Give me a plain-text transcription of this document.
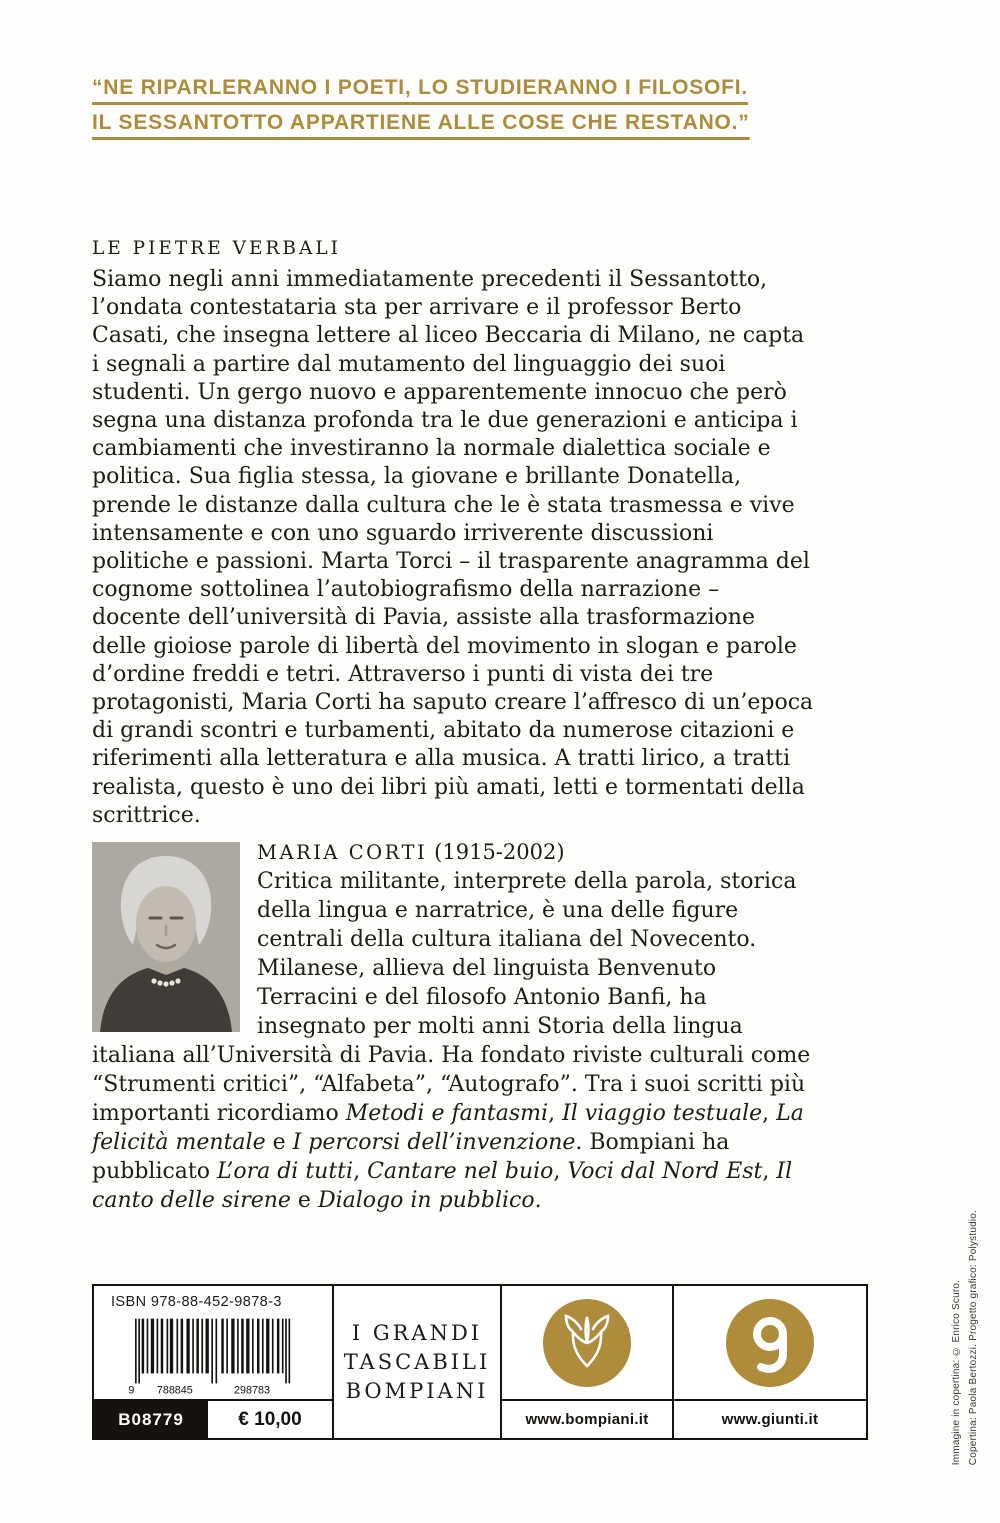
“NE RIPARLERANNO I POETI, LO STUDIERANNO I FILOSOFI.
IL SESSANTOTTO APPARTIENE ALLE COSE CHE RESTANO.”
LE PIETRE VERBALI

Siamo negli anni immediatamente precedenti il Sessantotto, l’ondata contestataria sta per arrivare e il professor Berto Casati, che insegna lettere al liceo Beccaria di Milano, ne capta i segnali a partire dal mutamento del linguaggio dei suoi studenti. Un gergo nuovo e apparentemente innocuo che però segna una distanza profonda tra le due generazioni e anticipa i cambiamenti che investiranno la normale dialettica sociale e politica. Sua figlia stessa, la giovane e brillante Donatella, prende le distanze dalla cultura che le è stata trasmessa e vive intensamente e con uno sguardo irriverente discussioni politiche e passioni. Marta Torci – il trasparente anagramma del cognome sottolinea l’autobiografismo della narrazione – docente dell’università di Pavia, assiste alla trasformazione delle gioiose parole di libertà del movimento in slogan e parole d’ordine freddi e tetri. Attraverso i punti di vista dei tre protagonisti, Maria Corti ha saputo creare l’affresco di un’epoca di grandi scontri e turbamenti, abitato da numerose citazioni e riferimenti alla letteratura e alla musica. A tratti lirico, a tratti realista, questo è uno dei libri più amati, letti e tormentati della scrittrice.

MARIA CORTI (1915-2002)
Critica militante, interprete della parola, storica della lingua e narratrice, è una delle figure centrali della cultura italiana del Novecento. Milanese, allieva del linguista Benvenuto Terracini e del filosofo Antonio Banfi, ha insegnato per molti anni Storia della lingua italiana all’Università di Pavia. Ha fondato riviste culturali come “Strumenti critici”, “Alfabeta”, “Autografo”. Tra i suoi scritti più importanti ricordiamo Metodi e fantasmi, Il viaggio testuale, La felicità mentale e I percorsi dell’invenzione. Bompiani ha pubblicato L’ora di tutti, Cantare nel buio, Voci dal Nord Est, Il canto delle sirene e Dialogo in pubblico.

ISBN 978-88-452-9878-3
9 788845	298783
B08779	€ 10,00
I GRANDI
TASCABILI
BOMPIANI
www.bompiani.it	www.giunti.it	Immagine in copertina: © Enrico Scuro. Copertina: Paola Bertozzi. Progetto grafico: Polystudio.
